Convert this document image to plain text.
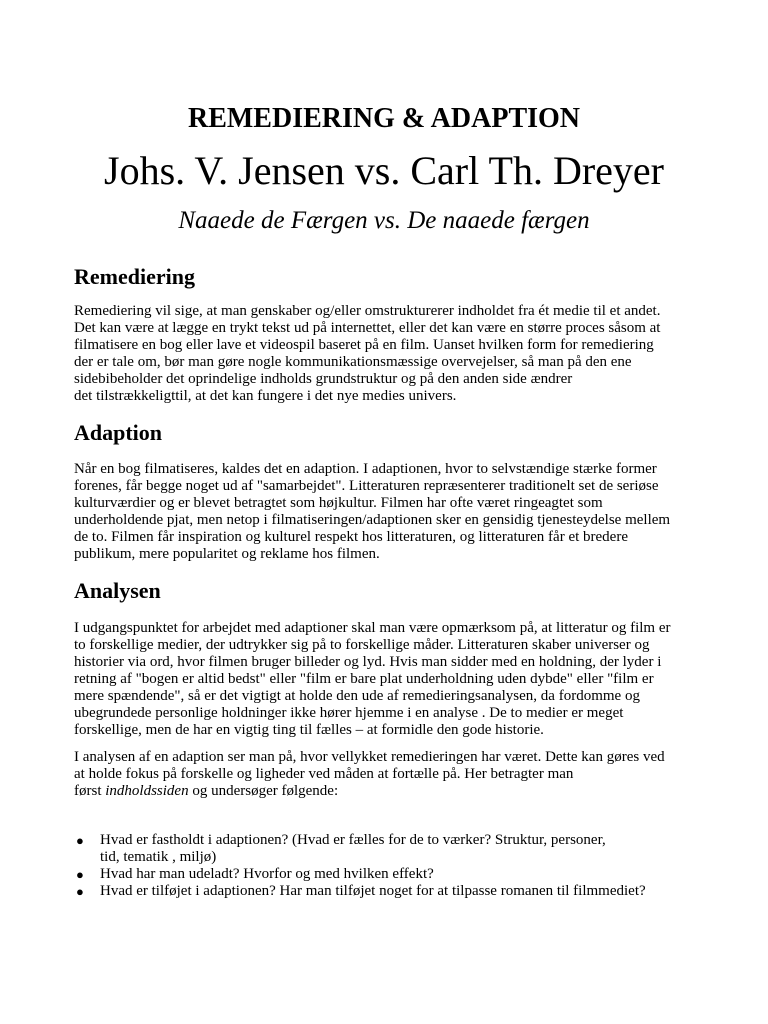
REMEDIERING & ADAPTION
Johs. V. Jensen vs. Carl Th. Dreyer
Naaede de Færgen vs. De naaede færgen
Remediering

Remediering vil sige, at man genskaber og/eller omstrukturerer indholdet fra ét medie til et andet.
Det kan være at lægge en trykt tekst ud på internettet, eller det kan være en større proces såsom at
filmatisere en bog eller lave et videospil baseret på en film. Uanset hvilken form for remediering
der er tale om, bør man gøre nogle kommunikationsmæssige overvejelser, så man på den ene
sidebibeholder det oprindelige indholds grundstruktur og på den anden side ændrer
det tilstrækkeligttil, at det kan fungere i det nye medies univers.

Adaption

Når en bog filmatiseres, kaldes det en adaption. I adaptionen, hvor to selvstændige stærke former
forenes, får begge noget ud af "samarbejdet". Litteraturen repræsenterer traditionelt set de seriøse
kulturværdier og er blevet betragtet som højkultur. Filmen har ofte været ringeagtet som
underholdende pjat, men netop i filmatiseringen/adaptionen sker en gensidig tjenesteydelse mellem
de to. Filmen får inspiration og kulturel respekt hos litteraturen, og litteraturen får et bredere
publikum, mere popularitet og reklame hos filmen.

Analysen

I udgangspunktet for arbejdet med adaptioner skal man være opmærksom på, at litteratur og film er
to forskellige medier, der udtrykker sig på to forskellige måder. Litteraturen skaber universer og
historier via ord, hvor filmen bruger billeder og lyd. Hvis man sidder med en holdning, der lyder i
retning af "bogen er altid bedst" eller "film er bare plat underholdning uden dybde" eller "film er
mere spændende", så er det vigtigt at holde den ude af remedieringsanalysen, da fordomme og
ubegrundede personlige holdninger ikke hører hjemme i en analyse . De to medier er meget
forskellige, men de har en vigtig ting til fælles – at formidle den gode historie.

I analysen af en adaption ser man på, hvor vellykket remedieringen har været. Dette kan gøres ved
at holde fokus på forskelle og ligheder ved måden at fortælle på. Her betragter man
først indholdssiden og undersøger følgende:

● Hvad er fastholdt i adaptionen? (Hvad er fælles for de to værker? Struktur, personer,
tid, tematik , miljø)
● Hvad har man udeladt? Hvorfor og med hvilken effekt?
● Hvad er tilføjet i adaptionen? Har man tilføjet noget for at tilpasse romanen til filmmediet?
